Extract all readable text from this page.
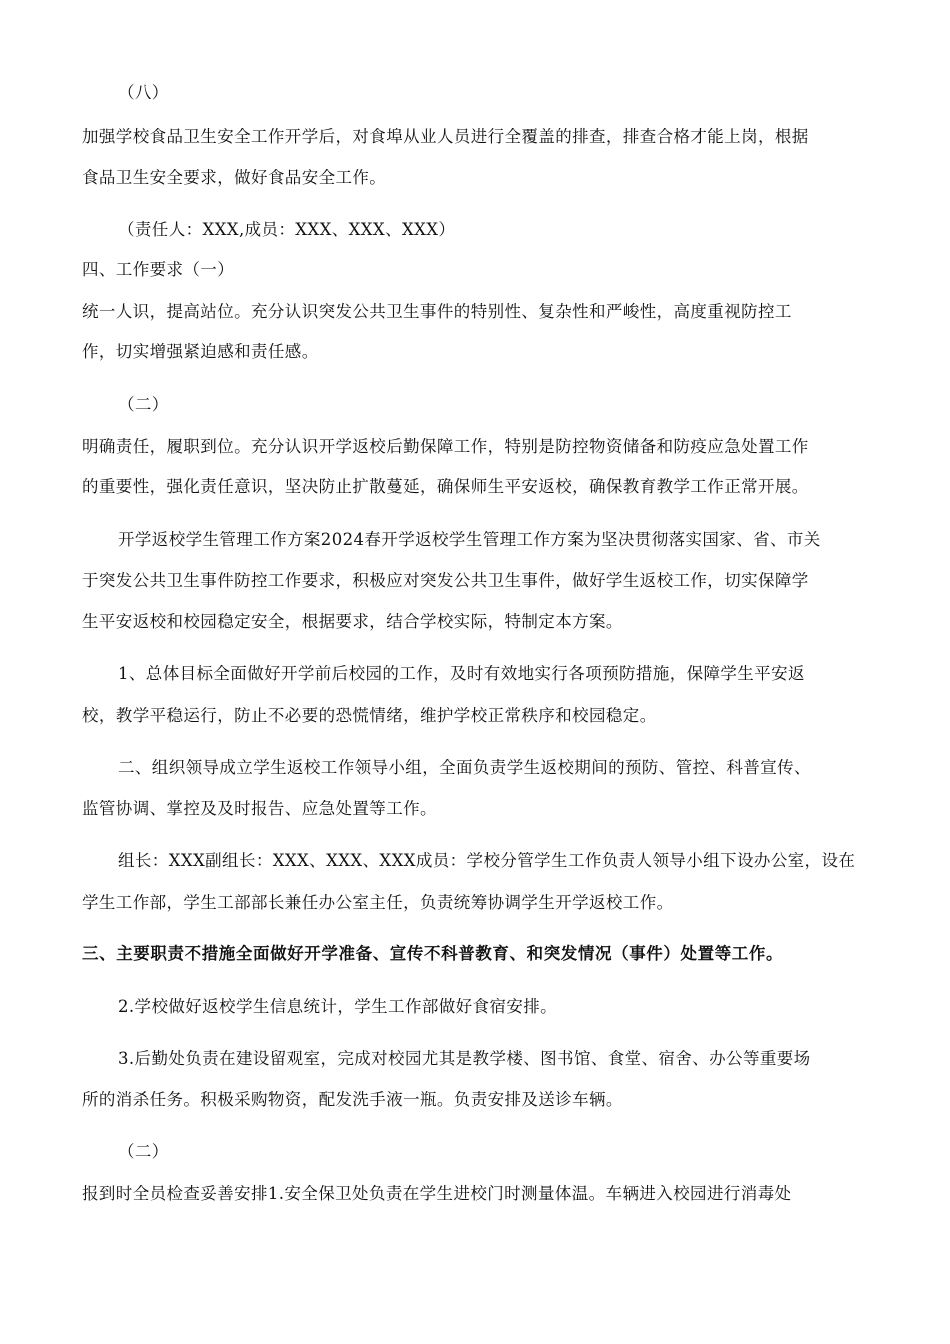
（八）
加强学校食品卫生安全工作开学后，对食埠从业人员进行全覆盖的排查，排查合格才能上岗，根据
食品卫生安全要求，做好食品安全工作。
（责任人：XXX,成员：XXX、XXX、XXX）
四、工作要求（一）
统一人识，提高站位。充分认识突发公共卫生事件的特别性、复杂性和严峻性，高度重视防控工
作，切实增强紧迫感和责任感。
（二）
明确责任，履职到位。充分认识开学返校后勤保障工作，特别是防控物资储备和防疫应急处置工作
的重要性，强化责任意识，坚决防止扩散蔓延，确保师生平安返校，确保教育教学工作正常开展。
开学返校学生管理工作方案2024春开学返校学生管理工作方案为坚决贯彻落实国家、省、市关
于突发公共卫生事件防控工作要求，积极应对突发公共卫生事件，做好学生返校工作，切实保障学
生平安返校和校园稳定安全，根据要求，结合学校实际，特制定本方案。
1、总体目标全面做好开学前后校园的工作，及时有效地实行各项预防措施，保障学生平安返
校，教学平稳运行，防止不必要的恐慌情绪，维护学校正常秩序和校园稳定。
二、组织领导成立学生返校工作领导小组，全面负责学生返校期间的预防、管控、科普宣传、
监管协调、掌控及及时报告、应急处置等工作。
组长：XXX副组长：XXX、XXX、XXX成员：学校分管学生工作负责人领导小组下设办公室，设在
学生工作部，学生工部部长兼任办公室主任，负责统筹协调学生开学返校工作。
三、主要职责不措施全面做好开学准备、宣传不科普教育、和突发情况（事件）处置等工作。
2.学校做好返校学生信息统计，学生工作部做好食宿安排。
3.后勤处负责在建设留观室，完成对校园尤其是教学楼、图书馆、食堂、宿舍、办公等重要场
所的消杀任务。积极采购物资，配发洗手液一瓶。负责安排及送诊车辆。
（二）
报到时全员检查妥善安排1.安全保卫处负责在学生进校门时测量体温。车辆进入校园进行消毒处
